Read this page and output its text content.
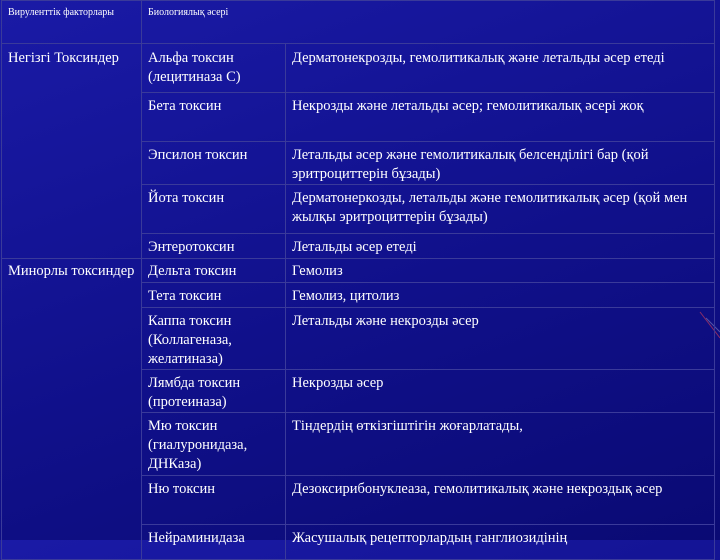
Вируленттік факторлары	Биологиялық әсері	
Негізгі Токсиндер	Альфа токсин (лецитиназа С)	Дерматонекрозды, гемолитикалық және летальды әсер етеді
	Бета токсин	Некрозды және летальды әсер; гемолитикалық әсері жоқ
	Эпсилон токсин	Летальды әсер және гемолитикалық белсенділігі бар (қой эритроциттерін бұзады)
	Йота токсин	Дерматонеркозды, летальды және гемолитикалық әсер (қой мен жылқы эритроциттерін бұзады)
	Энтеротоксин	Летальды әсер етеді
Минорлы токсиндер	Дельта токсин	Гемолиз
	Тета токсин	Гемолиз, цитолиз
	Каппа токсин (Коллагеназа, желатиназа)	Летальды және некрозды әсер
	Лямбда токсин (протеиназа)	Некрозды әсер
	Мю токсин (гиалуронидаза, ДНКаза)	Тіндердің өткізгіштігін жоғарлатады,
	Ню токсин	Дезоксирибонуклеаза, гемолитикалық және некроздық әсер
	Нейраминидаза	Жасушалық рецепторлардың ганглиозидінің
